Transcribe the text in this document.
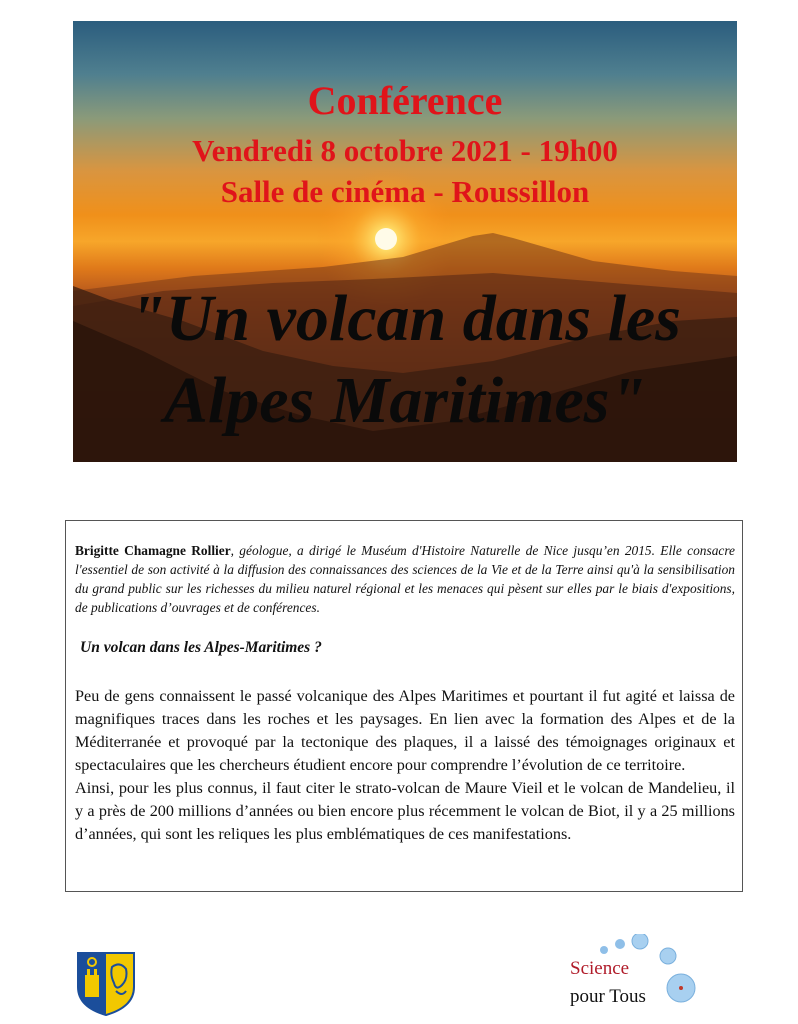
Conférence
Vendredi 8 octobre 2021 - 19h00
Salle de cinéma - Roussillon
"Un volcan dans les
Alpes Maritimes"

Brigitte Chamagne Rollier, géologue, a dirigé le Muséum d'Histoire Naturelle de Nice jusqu’en 2015. Elle consacre l'essentiel de son activité à la diffusion des connaissances des sciences de la Vie et de la Terre ainsi qu'à la sensibilisation du grand public sur les richesses du milieu naturel régional et les menaces qui pèsent sur elles par le biais d'expositions, de publications d’ouvrages et de conférences.

Un volcan dans les Alpes-Maritimes ?

Peu de gens connaissent le passé volcanique des Alpes Maritimes et pourtant il fut agité et laissa de magnifiques traces dans les roches et les paysages. En lien avec la formation des Alpes et de la Méditerranée et provoqué par la tectonique des plaques, il a laissé des témoignages originaux et spectaculaires que les chercheurs étudient encore pour comprendre l’évolution de ce territoire.

Ainsi, pour les plus connus, il faut citer le strato-volcan de Maure Vieil et le volcan de Mandelieu, il y a près de 200 millions d’années ou bien encore plus récemment le volcan de Biot, il y a 25 millions d’années, qui sont les reliques les plus emblématiques de ces manifestations.

Science
pour Tous
